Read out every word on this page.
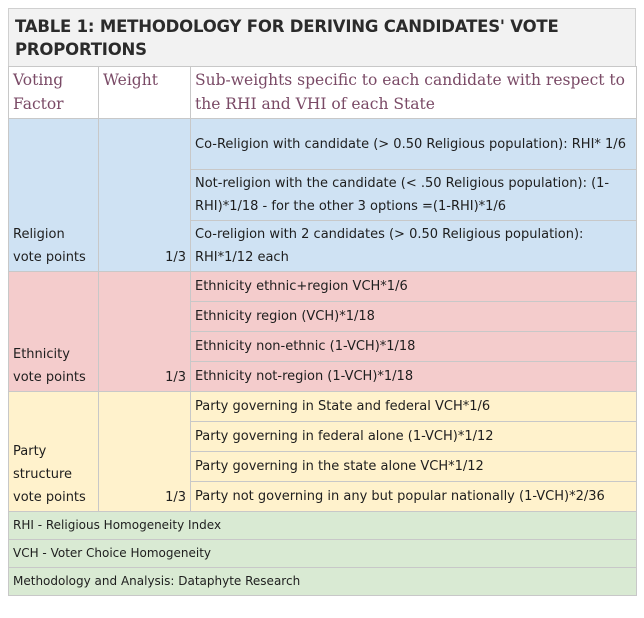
TABLE 1: METHODOLOGY FOR DERIVING CANDIDATES' VOTE PROPORTIONS
Voting Factor	Weight	Sub-weights specific to each candidate with respect to the RHI and VHI of each State
Religion vote points	1/3	Co-Religion with candidate (> 0.50 Religious population): RHI* 1/6
		Not-religion with the candidate (< .50 Religious population): (1-RHI)*1/18 - for the other 3 options =(1-RHI)*1/6
		Co-religion with 2 candidates (> 0.50 Religious population): RHI*1/12 each
Ethnicity vote points	1/3	Ethnicity ethnic+region VCH*1/6
		Ethnicity region (VCH)*1/18
		Ethnicity non-ethnic (1-VCH)*1/18
		Ethnicity not-region (1-VCH)*1/18
Party structure vote points	1/3	Party governing in State and federal VCH*1/6
		Party governing in federal alone (1-VCH)*1/12
		Party governing in the state alone VCH*1/12
		Party not governing in any but popular nationally (1-VCH)*2/36
RHI - Religious Homogeneity Index		
VCH - Voter Choice Homogeneity		
Methodology and Analysis: Dataphyte Research		
